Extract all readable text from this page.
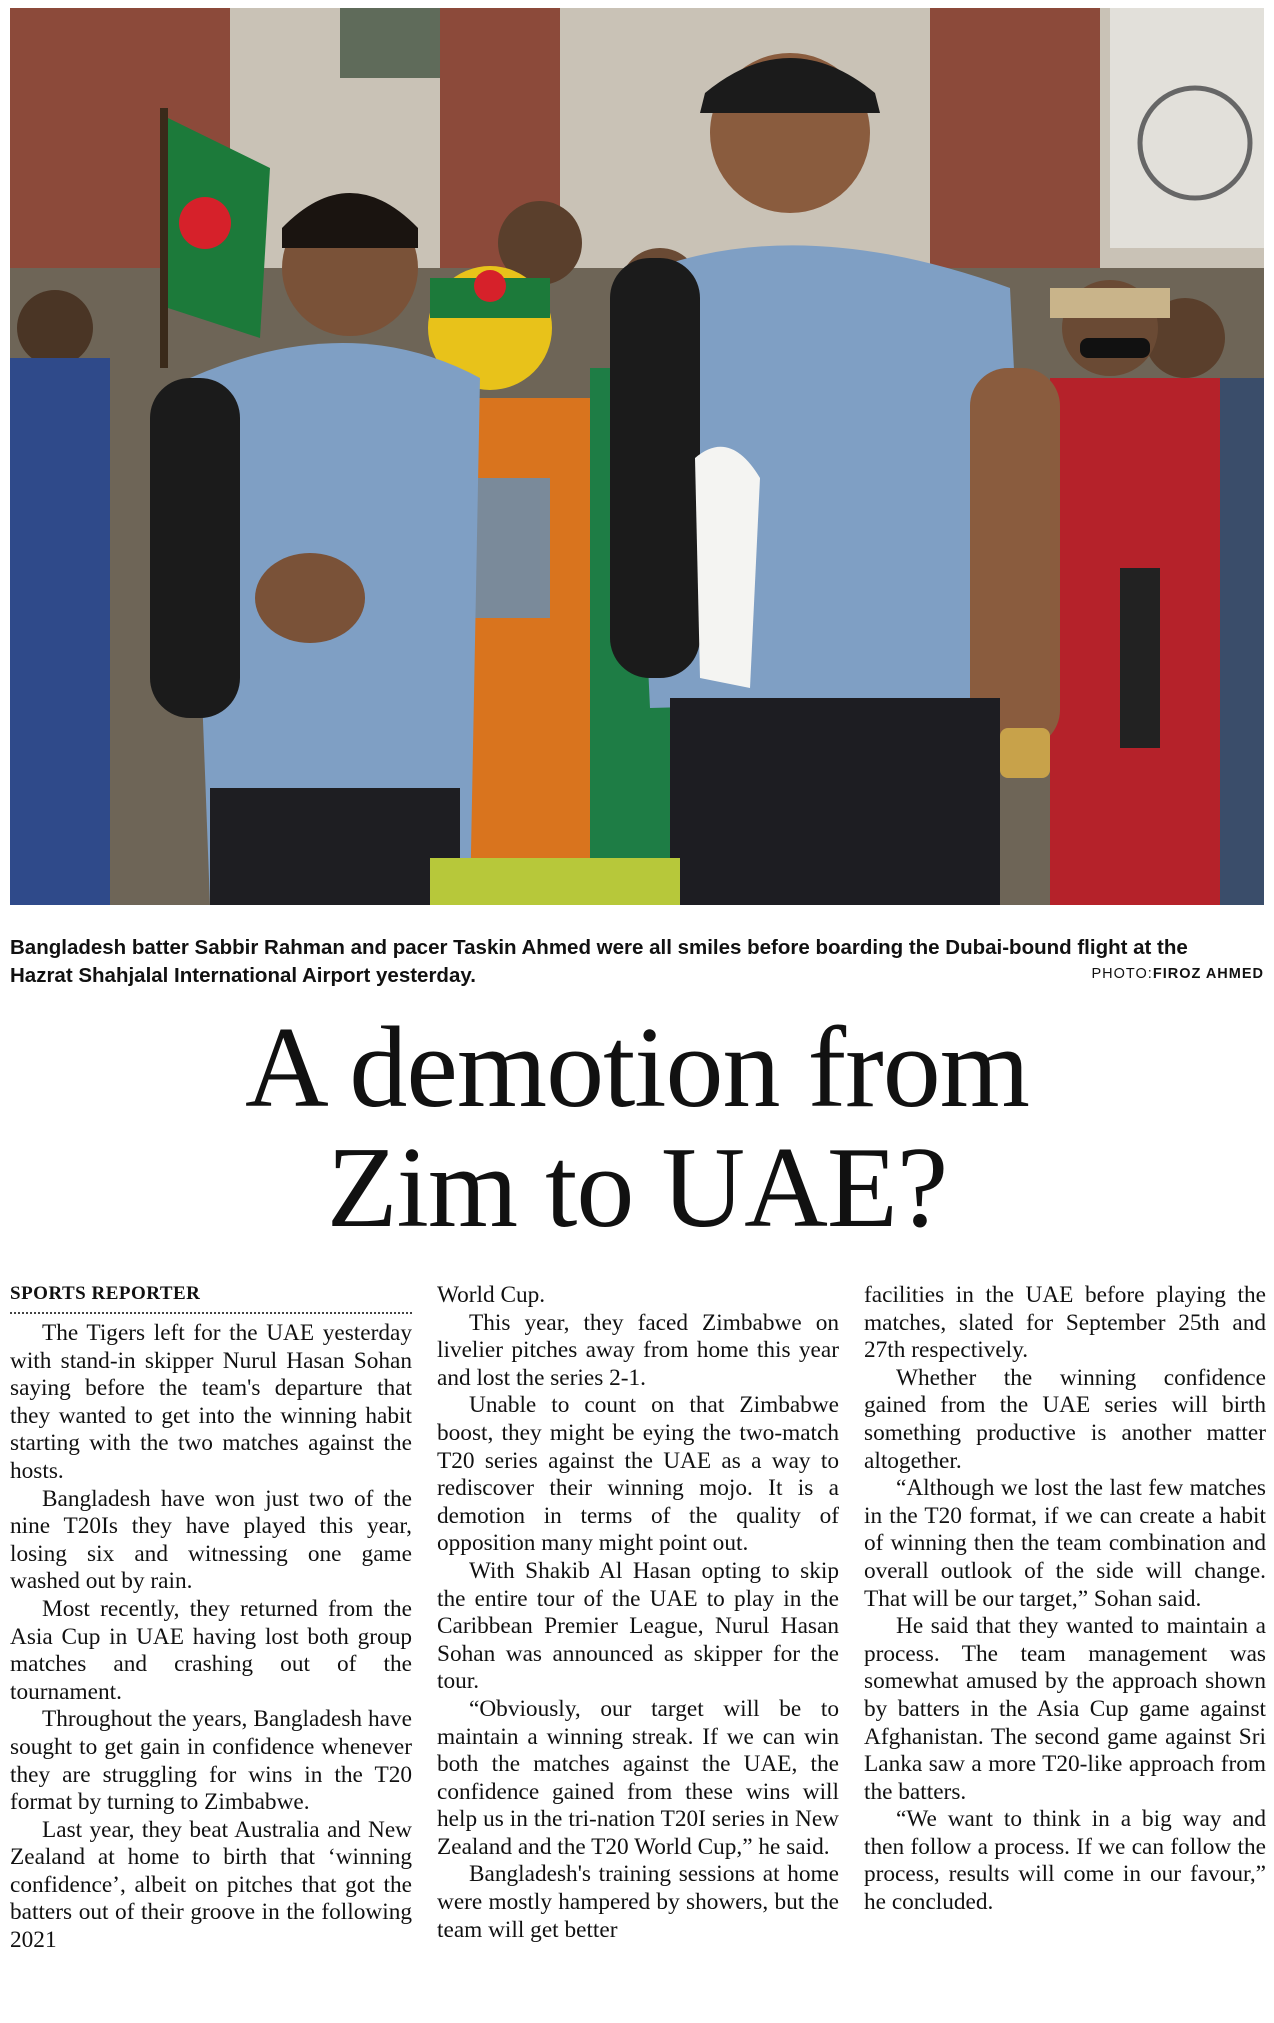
Bangladesh batter Sabbir Rahman and pacer Taskin Ahmed were all smiles before boarding the Dubai-bound flight at the Hazrat Shahjalal International Airport yesterday.	PHOTO:FIROZ AHMED
A demotion from
Zim to UAE?
SPORTS REPORTER

The Tigers left for the UAE yesterday with stand-in skipper Nurul Hasan Sohan saying before the team's departure that they wanted to get into the winning habit starting with the two matches against the hosts.

Bangladesh have won just two of the nine T20Is they have played this year, losing six and witnessing one game washed out by rain.

Most recently, they returned from the Asia Cup in UAE having lost both group matches and crashing out of the tournament.

Throughout the years, Bangladesh have sought to get gain in confidence whenever they are struggling for wins in the T20 format by turning to Zimbabwe.

Last year, they beat Australia and New Zealand at home to birth that ‘winning confidence’, albeit on pitches that got the batters out of their groove in the following 2021

World Cup.

This year, they faced Zimbabwe on livelier pitches away from home this year and lost the series 2-1.

Unable to count on that Zimbabwe boost, they might be eying the two-match T20 series against the UAE as a way to rediscover their winning mojo. It is a demotion in terms of the quality of opposition many might point out.

With Shakib Al Hasan opting to skip the entire tour of the UAE to play in the Caribbean Premier League, Nurul Hasan Sohan was announced as skipper for the tour.

“Obviously, our target will be to maintain a winning streak. If we can win both the matches against the UAE, the confidence gained from these wins will help us in the tri-nation T20I series in New Zealand and the T20 World Cup,” he said.

Bangladesh's training sessions at home were mostly hampered by showers, but the team will get better

facilities in the UAE before playing the matches, slated for September 25th and 27th respectively.

Whether the winning confidence gained from the UAE series will birth something productive is another matter altogether.

“Although we lost the last few matches in the T20 format, if we can create a habit of winning then the team combination and overall outlook of the side will change. That will be our target,” Sohan said.

He said that they wanted to maintain a process. The team management was somewhat amused by the approach shown by batters in the Asia Cup game against Afghanistan. The second game against Sri Lanka saw a more T20-like approach from the batters.

“We want to think in a big way and then follow a process. If we can follow the process, results will come in our favour,” he concluded.
